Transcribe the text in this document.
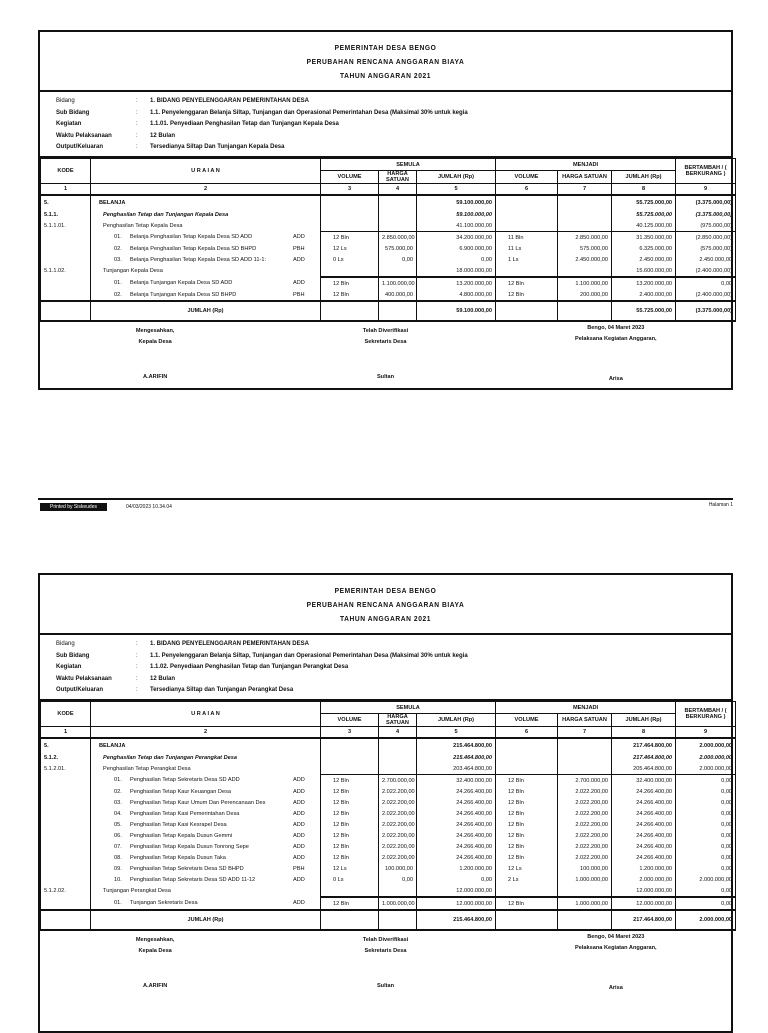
PEMERINTAH DESA BENGO
PERUBAHAN RENCANA ANGGARAN BIAYA
TAHUN ANGGARAN 2021
Bidang	:	1. BIDANG PENYELENGGARAN PEMERINTAHAN DESA
Sub Bidang	:	1.1. Penyelenggaran Belanja Siltap, Tunjangan dan Operasional Pemerintahan Desa (Maksimal 30% untuk kegia
Kegiatan	:	1.1.01. Penyediaan Penghasilan Tetap dan Tunjangan Kepala Desa
Waktu Pelaksanaan	:	12 Bulan
Output/Keluaran	:	Tersedianya Siltap Dan Tunjangan Kepala Desa
KODE	U R A I A N	SEMULA			MENJADI			BERTAMBAH / ( BERKURANG )
		VOLUME	HARGA SATUAN	JUMLAH (Rp)	VOLUME	HARGA SATUAN	JUMLAH (Rp)	
1	2	3	4	5	6	7	8	9
5.	BELANJA			59.100.000,00			55.725.000,00	(3.375.000,00)
5.1.1.	Penghasilan Tetap dan Tunjangan Kepala Desa			59.100.000,00			55.725.000,00	(3.375.000,00)
5.1.1.01.	Penghasilan Tetap Kepala Desa			41.100.000,00			40.125.000,00	(975.000,00)

	01. Belanja Penghasilan Tetap Kepala Desa SD ADD ADD	12 Bln	2.850.000,00	34.200.000,00	11 Bln	2.850.000,00	31.350.000,00	(2.850.000,00)

	02. Belanja Penghasilan Tetap Kepala Desa SD BHPD PBH	12 Ls	575.000,00	6.900.000,00	11 Ls	575.000,00	6.325.000,00	(575.000,00)

	03. Belanja Penghasilan Tetap Kepala Desa SD ADD 11-1: ADD	0 Ls	0,00	0,00	1 Ls	2.450.000,00	2.450.000,00	2.450.000,00
5.1.1.02.	Tunjangan Kepala Desa			18.000.000,00			15.600.000,00	(2.400.000,00)

	01. Belanja Tunjangan Kepala Desa SD ADD ADD	12 Bln	1.100.000,00	13.200.000,00	12 Bln	1.100.000,00	13.200.000,00	0,00

	02. Belanja Tunjangan Kepala Desa SD BHPD PBH	12 Bln	400.000,00	4.800.000,00	12 Bln	200.000,00	2.400.000,00	(2.400.000,00)
	JUMLAH (Rp)			59.100.000,00			55.725.000,00	(3.375.000,00)
Mengesahkan,
Kepala Desa
A.ARIFIN
Telah Diverifikasi
Sekretaris Desa
Sultan
Bengo, 04 Maret 2023
Pelaksana Kegiatan Anggaran,
Arisa
Printed by Siskeudes	04/03/2023 10.34.04	Halaman 1
PEMERINTAH DESA BENGO
PERUBAHAN RENCANA ANGGARAN BIAYA
TAHUN ANGGARAN 2021
Bidang	:	1. BIDANG PENYELENGGARAN PEMERINTAHAN DESA
Sub Bidang	:	1.1. Penyelenggaran Belanja Siltap, Tunjangan dan Operasional Pemerintahan Desa (Maksimal 30% untuk kegia
Kegiatan	:	1.1.02. Penyediaan Penghasilan Tetap dan Tunjangan Perangkat Desa
Waktu Pelaksanaan	:	12 Bulan
Output/Keluaran	:	Tersedianya Siltap dan Tunjangan Perangkat Desa
KODE	U R A I A N	SEMULA			MENJADI			BERTAMBAH / ( BERKURANG )
		VOLUME	HARGA SATUAN	JUMLAH (Rp)	VOLUME	HARGA SATUAN	JUMLAH (Rp)	
1	2	3	4	5	6	7	8	9
5.	BELANJA			215.464.800,00			217.464.800,00	2.000.000,00
5.1.2.	Penghasilan Tetap dan Tunjangan Perangkat Desa			215.464.800,00			217.464.800,00	2.000.000,00
5.1.2.01.	Penghasilan Tetap Perangkat Desa			203.464.800,00			205.464.800,00	2.000.000,00

	01. Penghasilan Tetap Sekretaris Desa SD ADD ADD	12 Bln	2.700.000,00	32.400.000,00	12 Bln	2.700.000,00	32.400.000,00	0,00

	02. Penghasilan Tetap Kaur Keuangan Desa ADD	12 Bln	2.022.200,00	24.266.400,00	12 Bln	2.022.200,00	24.266.400,00	0,00

	03. Penghasilan Tetap Kaur Umum Dan Perencanaan Des ADD	12 Bln	2.022.200,00	24.266.400,00	12 Bln	2.022.200,00	24.266.400,00	0,00

	04. Penghasilan Tetap Kasi Pemerintahan Desa ADD	12 Bln	2.022.200,00	24.266.400,00	12 Bln	2.022.200,00	24.266.400,00	0,00

	05. Penghasilan Tetap Kasi Kesrapel Desa ADD	12 Bln	2.022.200,00	24.266.400,00	12 Bln	2.022.200,00	24.266.400,00	0,00

	06. Penghasilan Tetap Kepala Dusun Gemmi ADD	12 Bln	2.022.200,00	24.266.400,00	12 Bln	2.022.200,00	24.266.400,00	0,00

	07. Penghasilan Tetap Kepala Dusun Tonrong Sepe ADD	12 Bln	2.022.200,00	24.266.400,00	12 Bln	2.022.200,00	24.266.400,00	0,00

	08. Penghasilan Tetap Kepala Dusun Taka ADD	12 Bln	2.022.200,00	24.266.400,00	12 Bln	2.022.200,00	24.266.400,00	0,00

	09. Penghasilan Tetap Sekretaris Desa SD BHPD PBH	12 Ls	100.000,00	1.200.000,00	12 Ls	100.000,00	1.200.000,00	0,00

	10. Penghasilan Tetap Sekretaris Desa SD ADD 11-12 ADD	0 Ls	0,00	0,00	2 Ls	1.000.000,00	2.000.000,00	2.000.000,00
5.1.2.02.	Tunjangan Perangkat Desa			12.000.000,00			12.000.000,00	0,00

	01. Tunjangan Sekretaris Desa ADD	12 Bln	1.000.000,00	12.000.000,00	12 Bln	1.000.000,00	12.000.000,00	0,00
	JUMLAH (Rp)			215.464.800,00			217.464.800,00	2.000.000,00
Mengesahkan,
Kepala Desa
A.ARIFIN
Telah Diverifikasi
Sekretaris Desa
Sultan
Bengo, 04 Maret 2023
Pelaksana Kegiatan Anggaran,
Arisa
